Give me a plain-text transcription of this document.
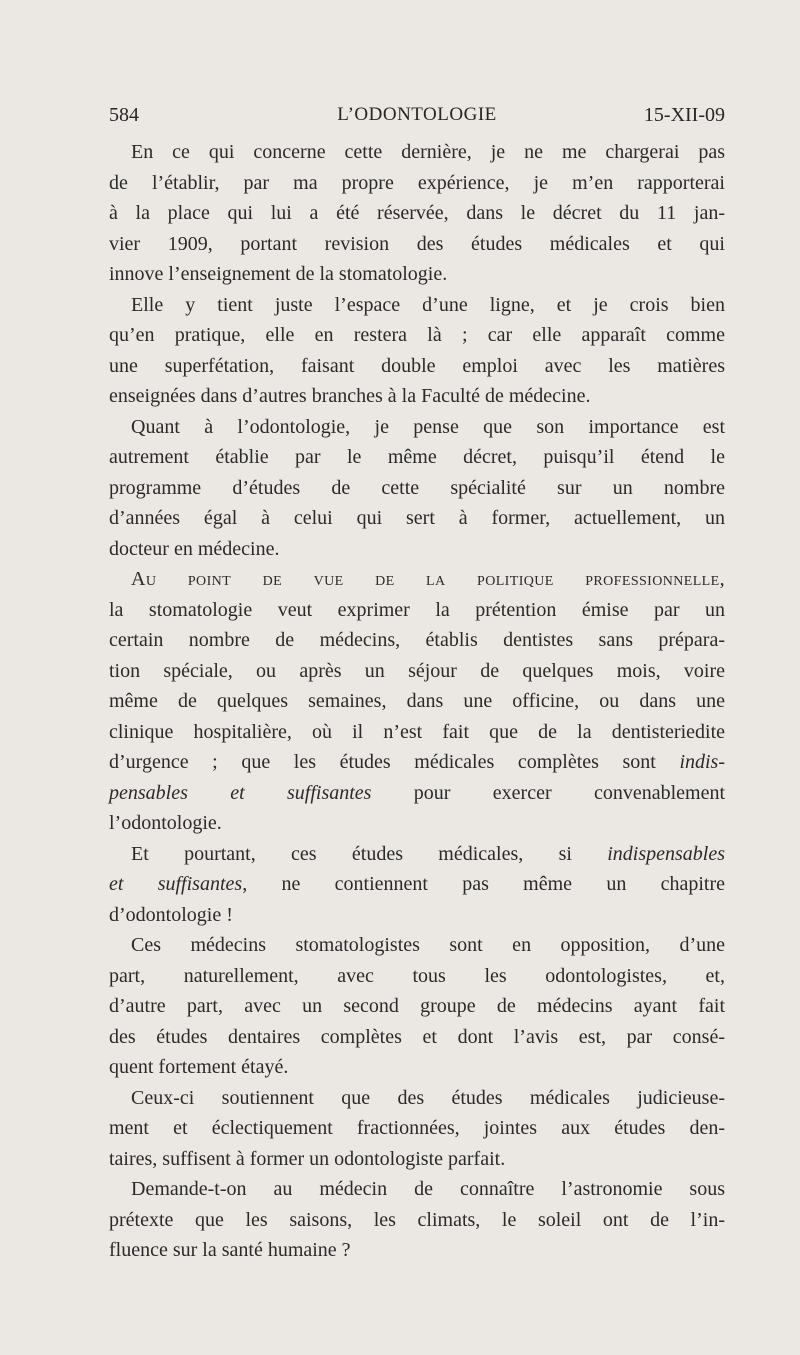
584	L’ODONTOLOGIE	15-XII-09
En ce qui concerne cette dernière, je ne me chargerai pas
de l’établir, par ma propre expérience, je m’en rapporterai
à la place qui lui a été réservée, dans le décret du 11 jan-
vier 1909, portant revision des études médicales et qui
innove l’enseignement de la stomatologie.
Elle y tient juste l’espace d’une ligne, et je crois bien
qu’en pratique, elle en restera là ; car elle apparaît comme
une superfétation, faisant double emploi avec les matières
enseignées dans d’autres branches à la Faculté de médecine.
Quant à l’odontologie, je pense que son importance est
autrement établie par le même décret, puisqu’il étend le
programme d’études de cette spécialité sur un nombre
d’années égal à celui qui sert à former, actuellement, un
docteur en médecine.
Au point de vue de la politique professionnelle,
la stomatologie veut exprimer la prétention émise par un
certain nombre de médecins, établis dentistes sans prépara-
tion spéciale, ou après un séjour de quelques mois, voire
même de quelques semaines, dans une officine, ou dans une
clinique hospitalière, où il n’est fait que de la dentisteriedite
d’urgence ; que les études médicales complètes sont indis-
pensables et suffisantes pour exercer convenablement
l’odontologie.
Et pourtant, ces études médicales, si indispensables
et suffisantes, ne contiennent pas même un chapitre
d’odontologie !
Ces médecins stomatologistes sont en opposition, d’une
part, naturellement, avec tous les odontologistes, et,
d’autre part, avec un second groupe de médecins ayant fait
des études dentaires complètes et dont l’avis est, par consé-
quent fortement étayé.
Ceux-ci soutiennent que des études médicales judicieuse-
ment et éclectiquement fractionnées, jointes aux études den-
taires, suffisent à former un odontologiste parfait.
Demande-t-on au médecin de connaître l’astronomie sous
prétexte que les saisons, les climats, le soleil ont de l’in-
fluence sur la santé humaine ?
